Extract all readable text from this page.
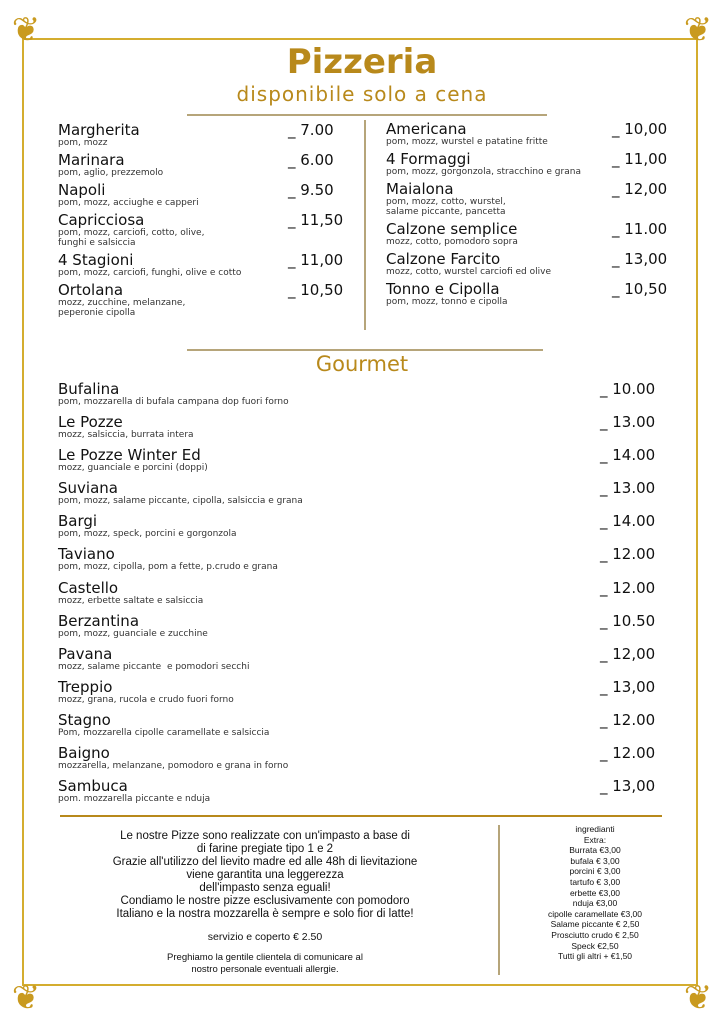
❦	❦
❦	❦
Pizzeria
disponibile solo a cena
Margherita
pom, mozz
_ 7.00
Marinara
pom, aglio, prezzemolo
_ 6.00
Napoli
pom, mozz, acciughe e capperi
_ 9.50
Capricciosa
pom, mozz, carciofi, cotto, olive,
funghi e salsiccia
_ 11,50
4 Stagioni
pom, mozz, carciofi, funghi, olive e cotto
_ 11,00
Ortolana
mozz, zucchine, melanzane,
peperonie cipolla
_ 10,50
Americana
pom, mozz, wurstel e patatine fritte
_ 10,00
4 Formaggi
pom, mozz, gorgonzola, stracchino e grana
_ 11,00
Maialona
pom, mozz, cotto, wurstel,
salame piccante, pancetta
_ 12,00
Calzone semplice
mozz, cotto, pomodoro sopra
_ 11.00
Calzone Farcito
mozz, cotto, wurstel carciofi ed olive
_ 13,00
Tonno e Cipolla
pom, mozz, tonno e cipolla
_ 10,50
Gourmet
Bufalina
pom, mozzarella di bufala campana dop fuori forno
_ 10.00
Le Pozze
mozz, salsiccia, burrata intera
_ 13.00
Le Pozze Winter Ed
mozz, guanciale e porcini (doppi)
_ 14.00
Suviana
pom, mozz, salame piccante, cipolla, salsiccia e grana
_ 13.00
Bargi
pom, mozz, speck, porcini e gorgonzola
_ 14.00
Taviano
pom, mozz, cipolla, pom a fette, p.crudo e grana
_ 12.00
Castello
mozz, erbette saltate e salsiccia
_ 12.00
Berzantina
pom, mozz, guanciale e zucchine
_ 10.50
Pavana
mozz, salame piccante  e pomodori secchi
_ 12,00
Treppio
mozz, grana, rucola e crudo fuori forno
_ 13,00
Stagno
Pom, mozzarella cipolle caramellate e salsiccia
_ 12.00
Baigno
mozzarella, melanzane, pomodoro e grana in forno
_ 12.00
Sambuca
pom. mozzarella piccante e nduja
_ 13,00
Le nostre Pizze sono realizzate con un'impasto a base di
di farine pregiate tipo 1 e 2
Grazie all'utilizzo del lievito madre ed alle 48h di lievitazione
viene garantita una leggerezza
dell'impasto senza eguali!
Condiamo le nostre pizze esclusivamente con pomodoro
Italiano e la nostra mozzarella è sempre e solo fior di latte!
servizio e coperto € 2.50
Preghiamo la gentile clientela di comunicare al
nostro personale eventuali allergie.
ingredianti
Extra:
Burrata €3,00
bufala € 3,00
porcini € 3,00
tartufo € 3,00
erbette €3,00
nduja €3,00
cipolle caramellate €3,00
Salame piccante € 2,50
Prosciutto crudo € 2,50
Speck €2,50
Tutti gli altri + €1,50
